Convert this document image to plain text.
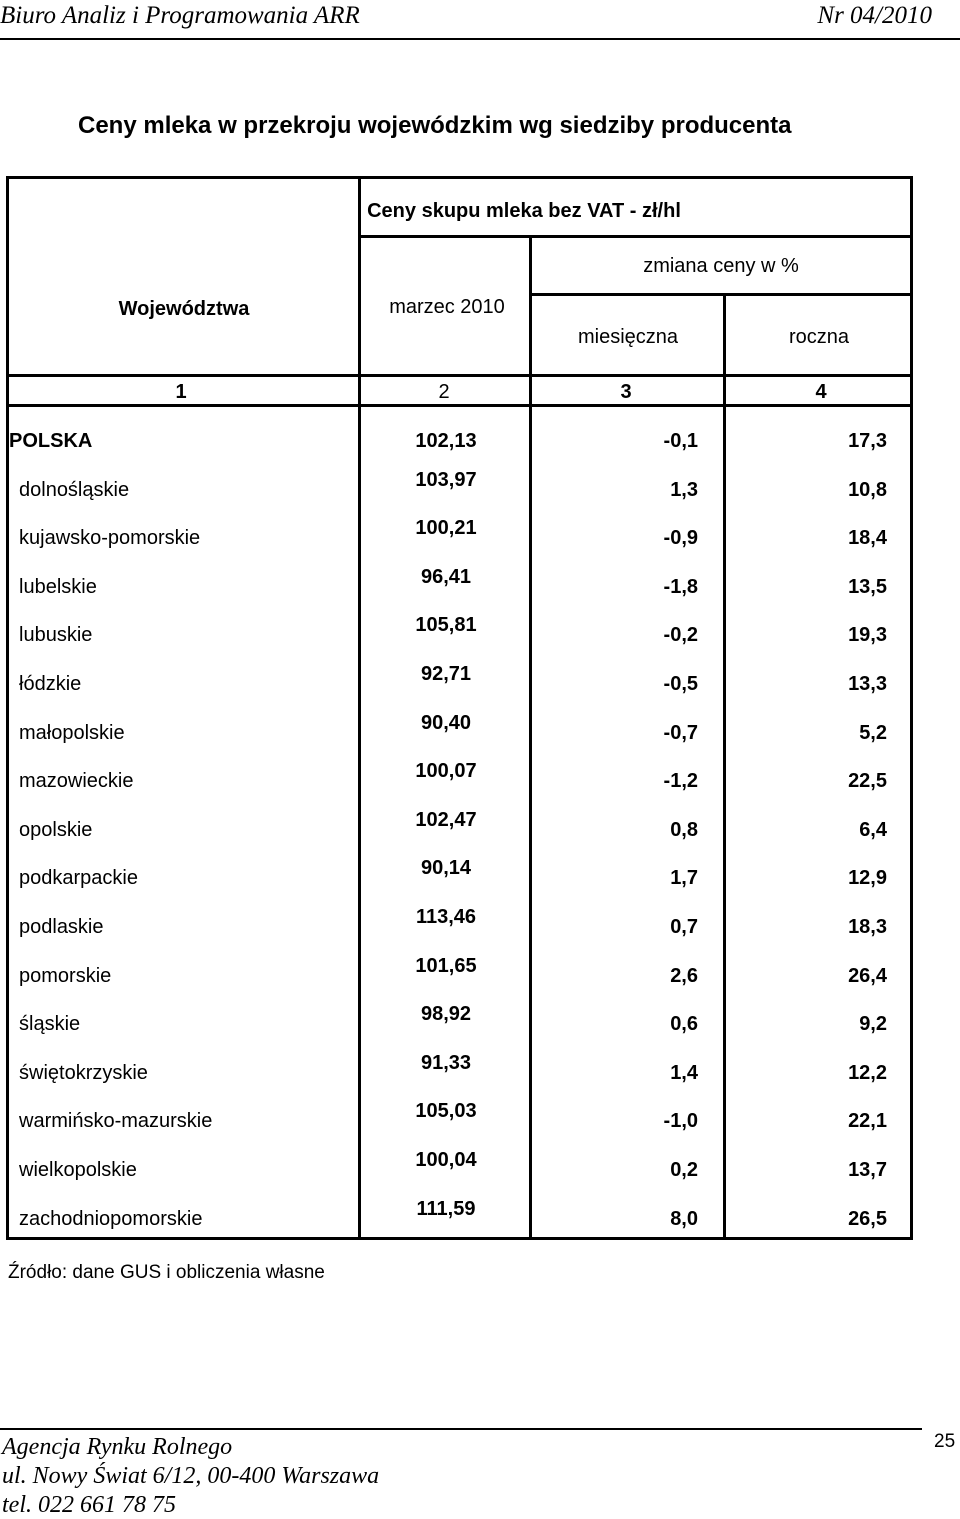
Biuro Analiz i Programowania ARR	Nr 04/2010
Ceny mleka w przekroju wojewódzkim wg siedziby producenta
Ceny skupu mleka bez VAT - zł/hl
zmiana ceny w %
Województwa	marzec 2010
miesięczna	roczna
1	2	3	4
POLSKA	102,13	-0,1	17,3
dolnośląskie	103,97	1,3	10,8
kujawsko-pomorskie	100,21	-0,9	18,4
lubelskie	96,41	-1,8	13,5
lubuskie	105,81	-0,2	19,3
łódzkie	92,71	-0,5	13,3
małopolskie	90,40	-0,7	5,2
mazowieckie	100,07	-1,2	22,5
opolskie	102,47	0,8	6,4
podkarpackie	90,14	1,7	12,9
podlaskie	113,46	0,7	18,3
pomorskie	101,65	2,6	26,4
śląskie	98,92	0,6	9,2
świętokrzyskie	91,33	1,4	12,2
warmińsko-mazurskie	105,03	-1,0	22,1
wielkopolskie	100,04	0,2	13,7
zachodniopomorskie	111,59	8,0	26,5
Źródło: dane GUS i obliczenia własne
Agencja Rynku Rolnego
ul. Nowy Świat 6/12, 00-400 Warszawa
tel. 022 661 78 75
25
